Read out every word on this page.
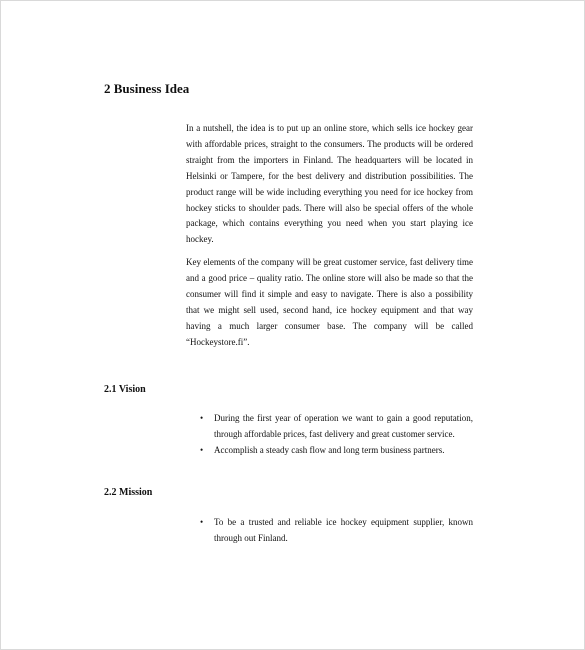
2 Business Idea

In a nutshell, the idea is to put up an online store, which sells ice hockey gear with affordable prices, straight to the consumers. The products will be ordered straight from the importers in Finland. The headquarters will be located in Helsinki or Tampere, for the best delivery and distribution possibilities. The product range will be wide including everything you need for ice hockey from hockey sticks to shoulder pads. There will also be special offers of the whole package, which contains everything you need when you start playing ice hockey.

Key elements of the company will be great customer service, fast delivery time and a good price – quality ratio. The online store will also be made so that the consumer will find it simple and easy to navigate. There is also a possibility that we might sell used, second hand, ice hockey equipment and that way having a much larger consumer base. The company will be called “Hockeystore.fi”.

2.1 Vision
• During the first year of operation we want to gain a good reputation, through affordable prices, fast delivery and great customer service.
• Accomplish a steady cash flow and long term business partners.
2.2 Mission
• To be a trusted and reliable ice hockey equipment supplier, known through out Finland.
